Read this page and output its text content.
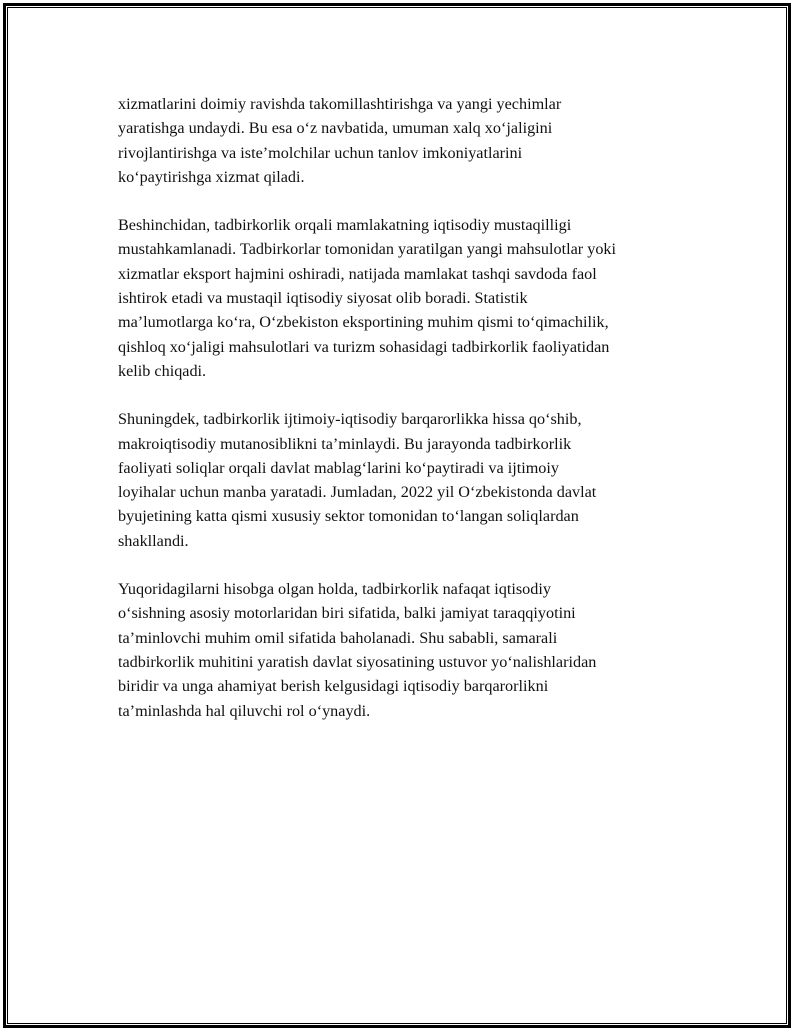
xizmatlarini doimiy ravishda takomillashtirishga va yangi yechimlar
yaratishga undaydi. Bu esa o‘z navbatida, umuman xalq xo‘jaligini
rivojlantirishga va iste’molchilar uchun tanlov imkoniyatlarini
ko‘paytirishga xizmat qiladi.

Beshinchidan, tadbirkorlik orqali mamlakatning iqtisodiy mustaqilligi
mustahkamlanadi. Tadbirkorlar tomonidan yaratilgan yangi mahsulotlar yoki
xizmatlar eksport hajmini oshiradi, natijada mamlakat tashqi savdoda faol
ishtirok etadi va mustaqil iqtisodiy siyosat olib boradi. Statistik
ma’lumotlarga ko‘ra, O‘zbekiston eksportining muhim qismi to‘qimachilik,
qishloq xo‘jaligi mahsulotlari va turizm sohasidagi tadbirkorlik faoliyatidan
kelib chiqadi.

Shuningdek, tadbirkorlik ijtimoiy-iqtisodiy barqarorlikka hissa qo‘shib,
makroiqtisodiy mutanosiblikni ta’minlaydi. Bu jarayonda tadbirkorlik
faoliyati soliqlar orqali davlat mablag‘larini ko‘paytiradi va ijtimoiy
loyihalar uchun manba yaratadi. Jumladan, 2022 yil O‘zbekistonda davlat
byujetining katta qismi xususiy sektor tomonidan to‘langan soliqlardan
shakllandi.

Yuqoridagilarni hisobga olgan holda, tadbirkorlik nafaqat iqtisodiy
o‘sishning asosiy motorlaridan biri sifatida, balki jamiyat taraqqiyotini
ta’minlovchi muhim omil sifatida baholanadi. Shu sababli, samarali
tadbirkorlik muhitini yaratish davlat siyosatining ustuvor yo‘nalishlaridan
biridir va unga ahamiyat berish kelgusidagi iqtisodiy barqarorlikni
ta’minlashda hal qiluvchi rol o‘ynaydi.
